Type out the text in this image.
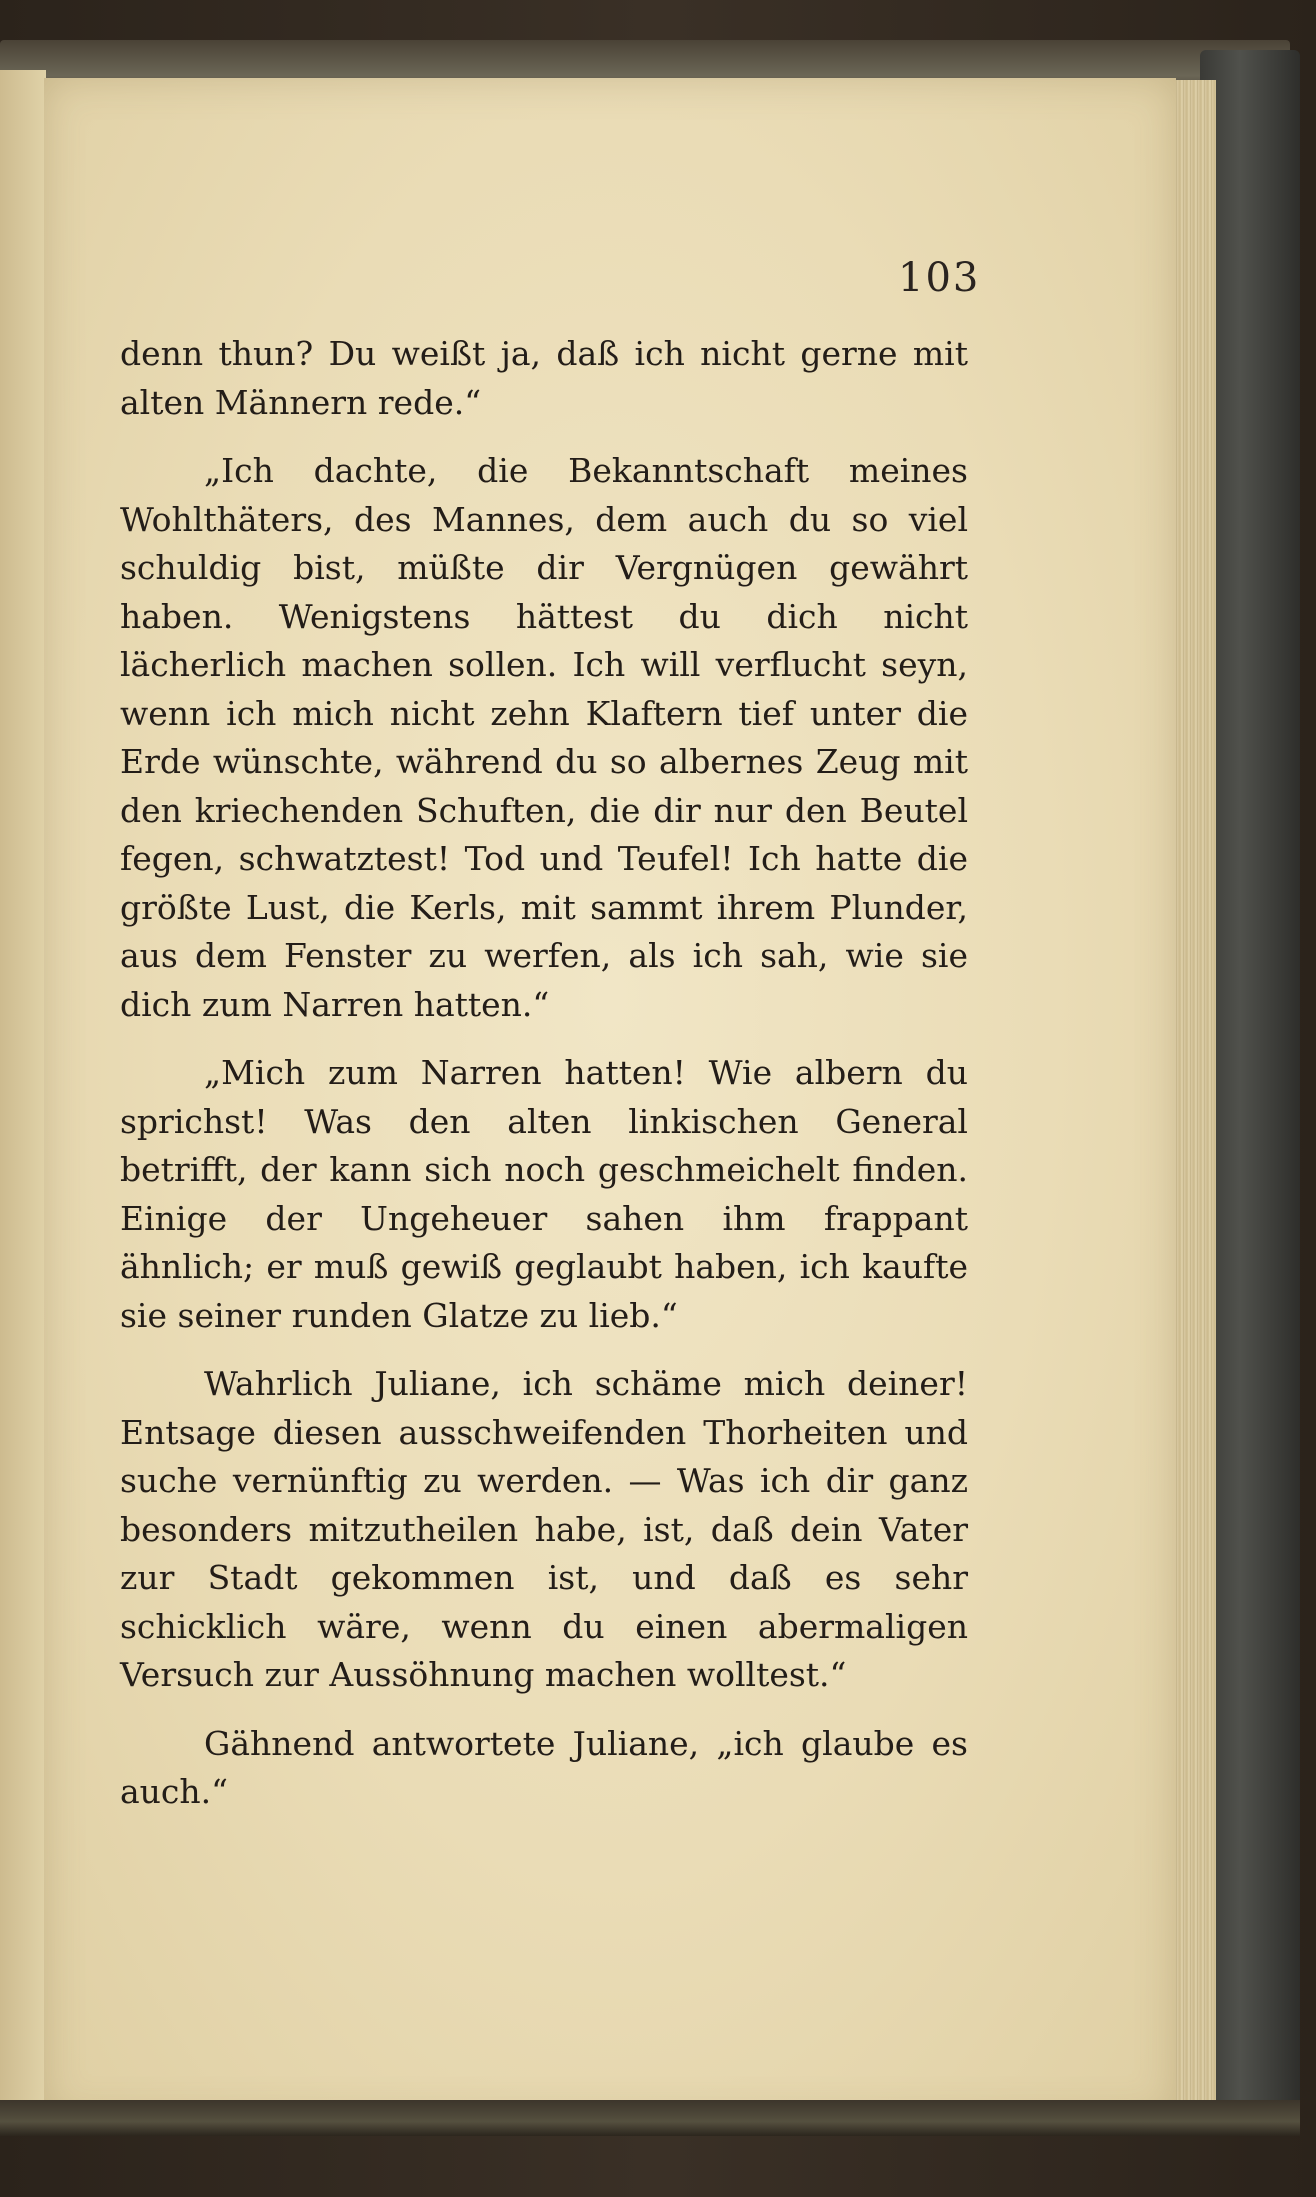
103

denn thun? Du weißt ja, daß ich nicht gerne mit alten Männern rede.“

„Ich dachte, die Bekanntschaft meines Wohlthäters, des Mannes, dem auch du so viel schuldig bist, müßte dir Vergnügen gewährt haben. Wenigstens hättest du dich nicht lächerlich machen sollen. Ich will verflucht seyn, wenn ich mich nicht zehn Klaftern tief unter die Erde wünschte, während du so albernes Zeug mit den kriechenden Schuften, die dir nur den Beutel fegen, schwatztest! Tod und Teufel! Ich hatte die größte Lust, die Kerls, mit sammt ihrem Plunder, aus dem Fenster zu werfen, als ich sah, wie sie dich zum Narren hatten.“

„Mich zum Narren hatten! Wie albern du sprichst! Was den alten linkischen General betrifft, der kann sich noch geschmeichelt finden. Einige der Ungeheuer sahen ihm frappant ähnlich; er muß gewiß geglaubt haben, ich kaufte sie seiner runden Glatze zu lieb.“

Wahrlich Juliane, ich schäme mich deiner! Entsage diesen ausschweifenden Thorheiten und suche vernünftig zu werden. — Was ich dir ganz besonders mitzutheilen habe, ist, daß dein Vater zur Stadt gekommen ist, und daß es sehr schicklich wäre, wenn du einen abermaligen Versuch zur Aussöhnung machen wolltest.“

Gähnend antwortete Juliane, „ich glaube es auch.“
